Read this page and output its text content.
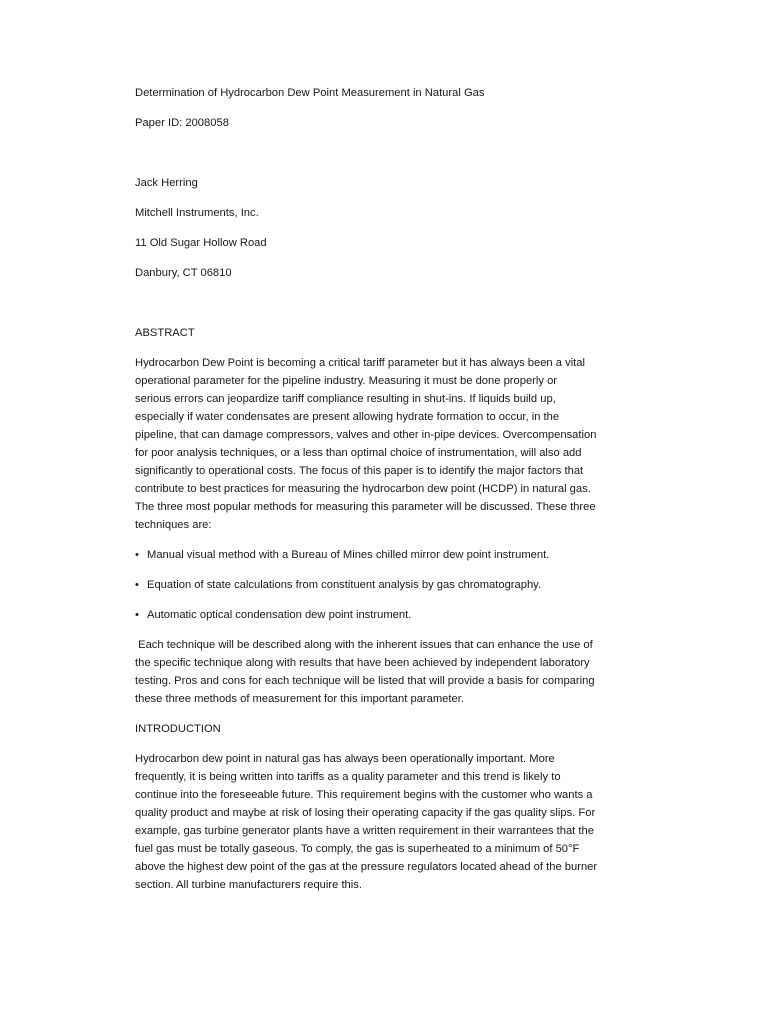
Determination of Hydrocarbon Dew Point Measurement in Natural Gas

Paper ID: 2008058

Jack Herring

Mitchell Instruments, Inc.

11 Old Sugar Hollow Road

Danbury, CT 06810

ABSTRACT

Hydrocarbon Dew Point is becoming a critical tariff parameter but it has always been a vital
operational parameter for the pipeline industry. Measuring it must be done properly or
serious errors can jeopardize tariff compliance resulting in shut-ins. If liquids build up,
especially if water condensates are present allowing hydrate formation to occur, in the
pipeline, that can damage compressors, valves and other in-pipe devices. Overcompensation
for poor analysis techniques, or a less than optimal choice of instrumentation, will also add
significantly to operational costs. The focus of this paper is to identify the major factors that
contribute to best practices for measuring the hydrocarbon dew point (HCDP) in natural gas.
The three most popular methods for measuring this parameter will be discussed. These three
techniques are:

• Manual visual method with a Bureau of Mines chilled mirror dew point instrument.

• Equation of state calculations from constituent analysis by gas chromatography.

• Automatic optical condensation dew point instrument.

Each technique will be described along with the inherent issues that can enhance the use of
the specific technique along with results that have been achieved by independent laboratory
testing. Pros and cons for each technique will be listed that will provide a basis for comparing
these three methods of measurement for this important parameter.

INTRODUCTION

Hydrocarbon dew point in natural gas has always been operationally important. More
frequently, it is being written into tariffs as a quality parameter and this trend is likely to
continue into the foreseeable future. This requirement begins with the customer who wants a
quality product and maybe at risk of losing their operating capacity if the gas quality slips. For
example, gas turbine generator plants have a written requirement in their warrantees that the
fuel gas must be totally gaseous. To comply, the gas is superheated to a minimum of 50°F
above the highest dew point of the gas at the pressure regulators located ahead of the burner
section. All turbine manufacturers require this.
